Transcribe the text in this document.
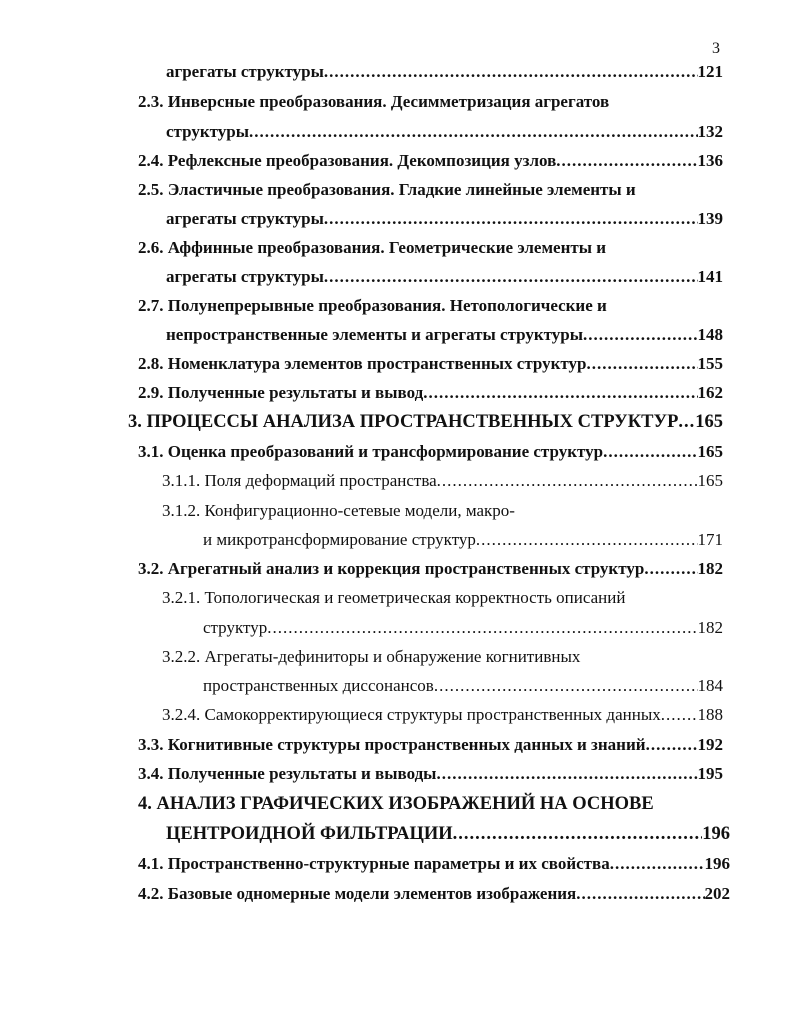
3
агрегаты структуры .....	121
2.3. Инверсные преобразования. Десимметризация агрегатов
структуры .....	132
2.4. Рефлексные преобразования. Декомпозиция узлов .....	136
2.5. Эластичные преобразования. Гладкие линейные элементы и
агрегаты структуры .....	139
2.6. Аффинные преобразования. Геометрические элементы и
агрегаты структуры .....	141
2.7. Полунепрерывные преобразования. Нетопологические и
непространственные элементы и агрегаты структуры .....	148
2.8. Номенклатура элементов пространственных структур .....	155
2.9. Полученные результаты и вывод .....	162
3. ПРОЦЕССЫ АНАЛИЗА ПРОСТРАНСТВЕННЫХ СТРУКТУР ..... 165
3.1. Оценка преобразований и трансформирование структур .....	165
3.1.1. Поля деформаций пространства .....	165
3.1.2. Конфигурационно-сетевые модели, макро-
и микротрансформирование структур .....	171
3.2. Агрегатный анализ и коррекция пространственных структур .....	182
3.2.1. Топологическая и геометрическая корректность описаний
структур .....	182
3.2.2. Агрегаты-дефиниторы и обнаружение когнитивных
пространственных диссонансов .....	184
3.2.4. Самокорректирующиеся структуры пространственных данных ..... 188
3.3. Когнитивные структуры пространственных данных и знаний .....	192
3.4. Полученные результаты и выводы .....	195
4. АНАЛИЗ ГРАФИЧЕСКИХ ИЗОБРАЖЕНИЙ НА ОСНОВЕ
ЦЕНТРОИДНОЙ ФИЛЬТРАЦИИ .....	196
4.1. Пространственно-структурные параметры и их свойства .....	196
4.2. Базовые одномерные модели элементов изображения .....	202
